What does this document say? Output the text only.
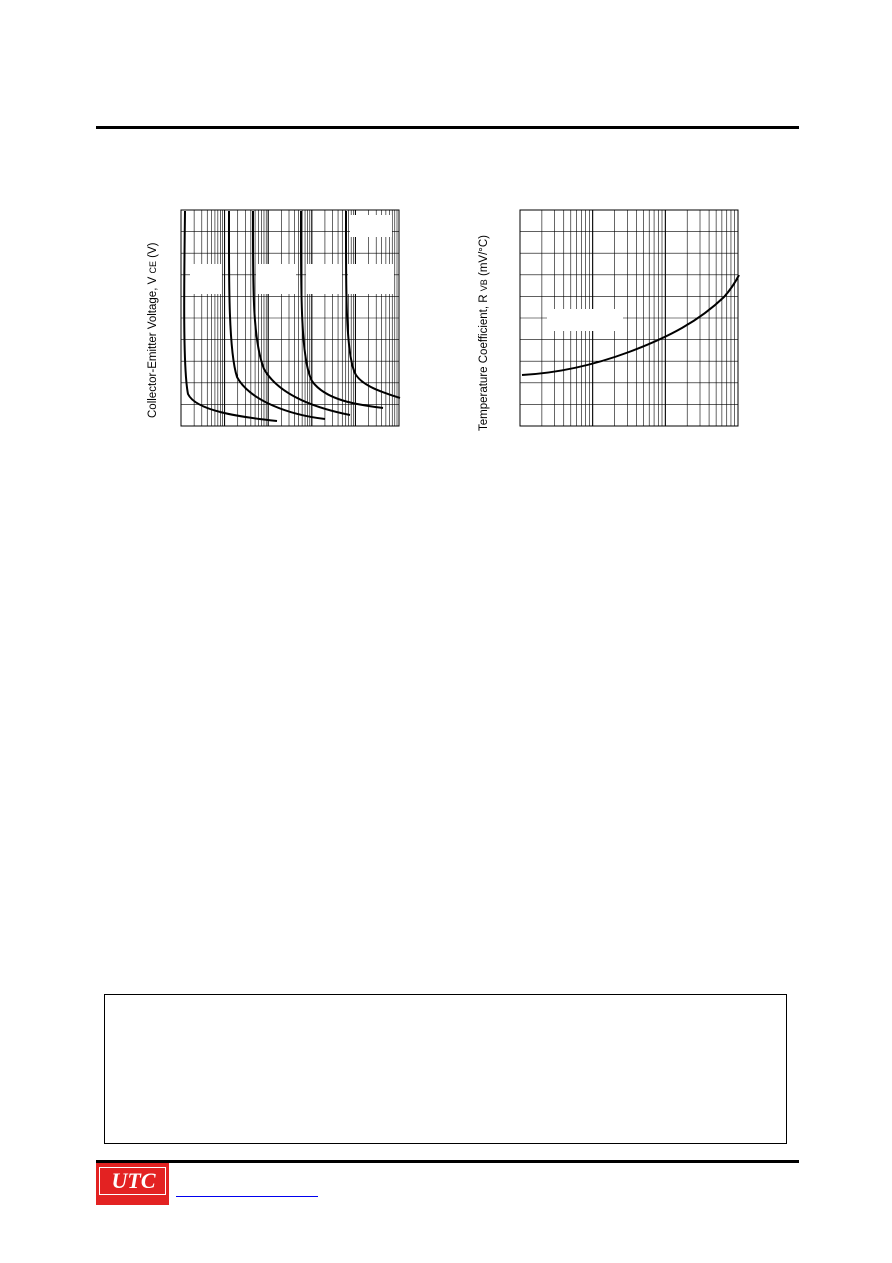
Collector-Emitter Voltage, V CE (V)
Temperature Coefficient, R VB (mV/°C)
UTC
